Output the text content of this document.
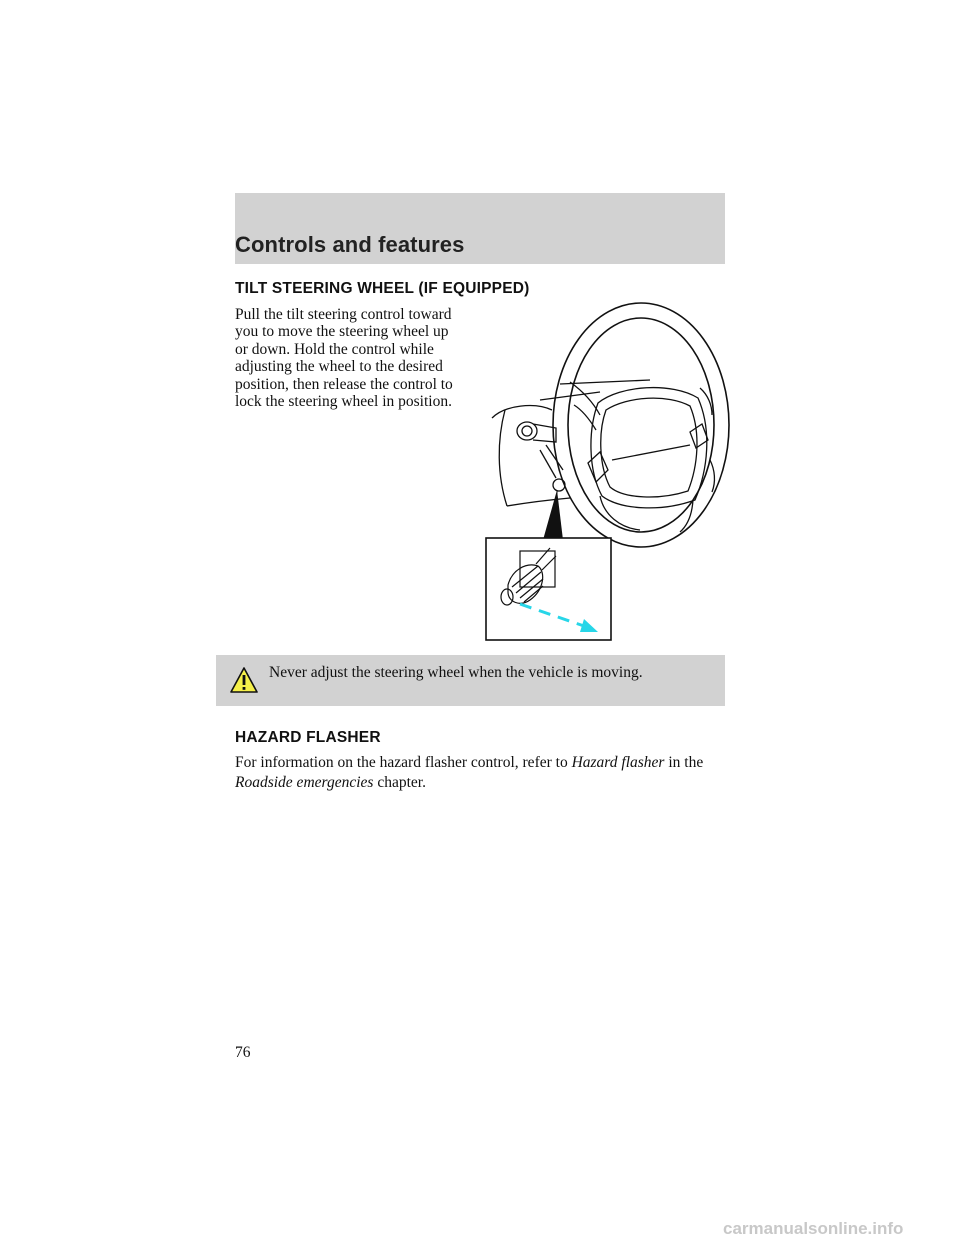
Controls and features
TILT STEERING WHEEL (IF EQUIPPED)

Pull the tilt steering control toward
you to move the steering wheel up
or down. Hold the control while
adjusting the wheel to the desired
position, then release the control to
lock the steering wheel in position.

Never adjust the steering wheel when the vehicle is moving.
HAZARD FLASHER

For information on the hazard flasher control, refer to Hazard flasher in the Roadside emergencies chapter.

76
carmanualsonline.info
